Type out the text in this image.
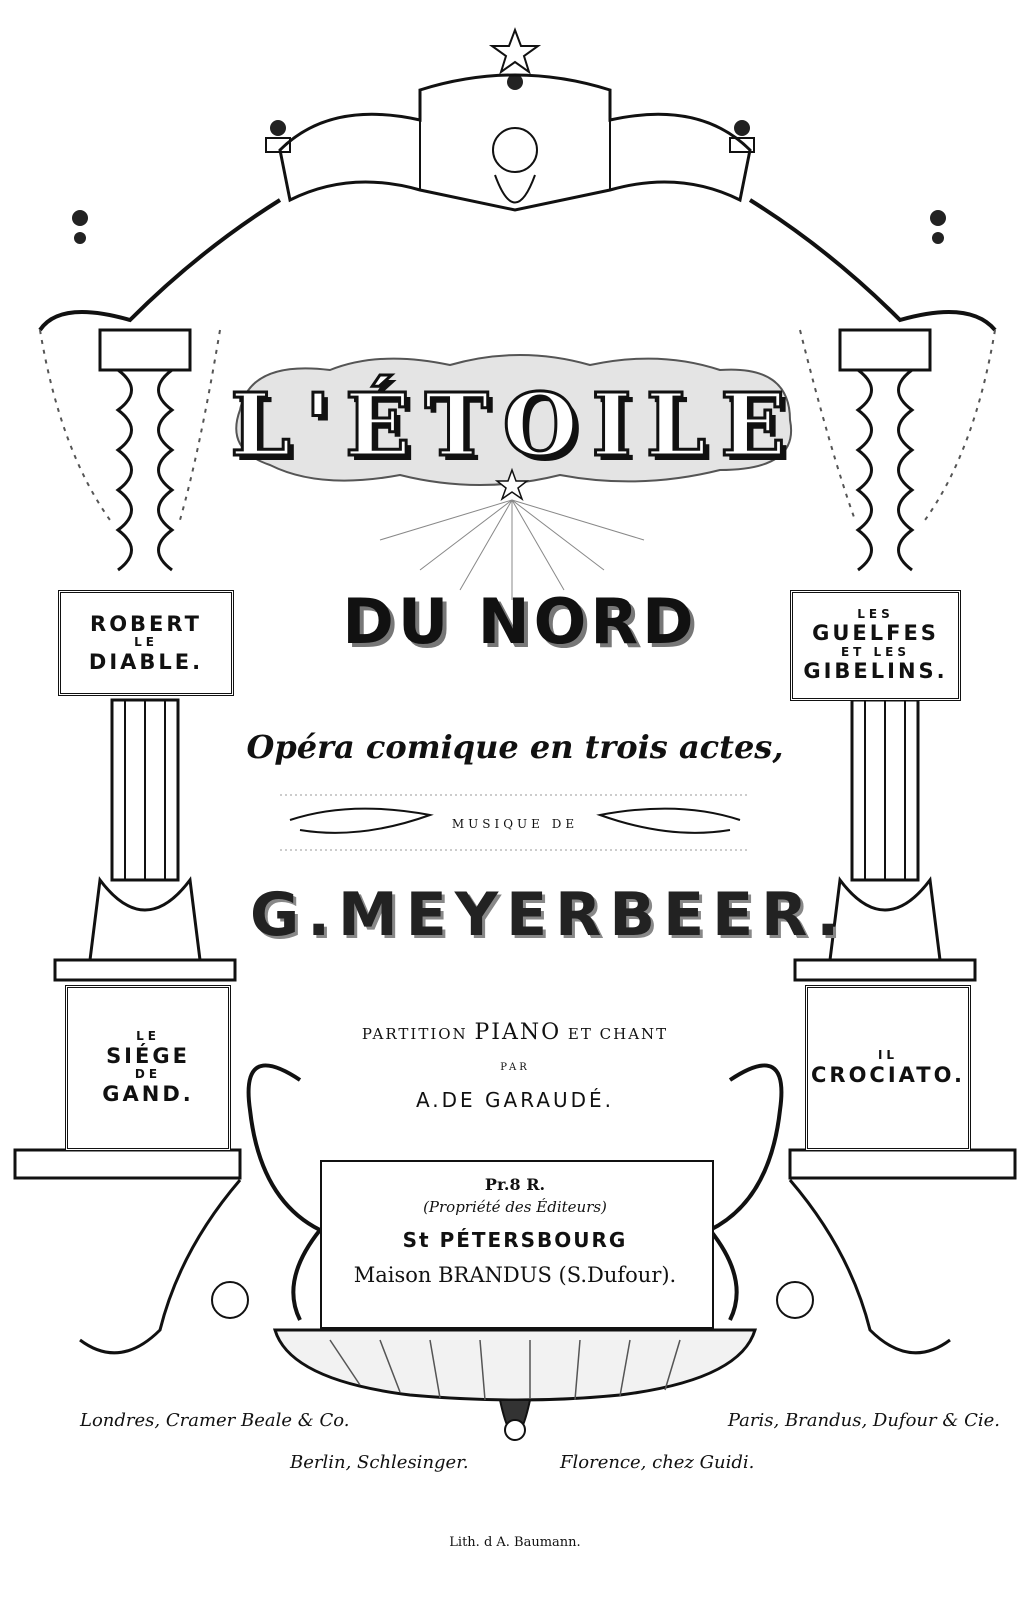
L'ÉTOILE
DU NORD
ROBERT
LE
DIABLE.
LES
GUELFES
ET LES
GIBELINS.
LE
SIÉGE
DE
GAND.
IL
CROCIATO.
Opéra comique en trois actes,
MUSIQUE DE
G.MEYERBEER.
PARTITION PIANO ET CHANT
PAR
A.DE GARAUDÉ.
Pr.8 R.
(Propriété des Éditeurs)
St PÉTERSBOURG
Maison BRANDUS (S.Dufour).
Londres, Cramer Beale & Co.	Paris, Brandus, Dufour & Cie.
Berlin, Schlesinger.	Florence, chez Guidi.
Lith. d A. Baumann.
